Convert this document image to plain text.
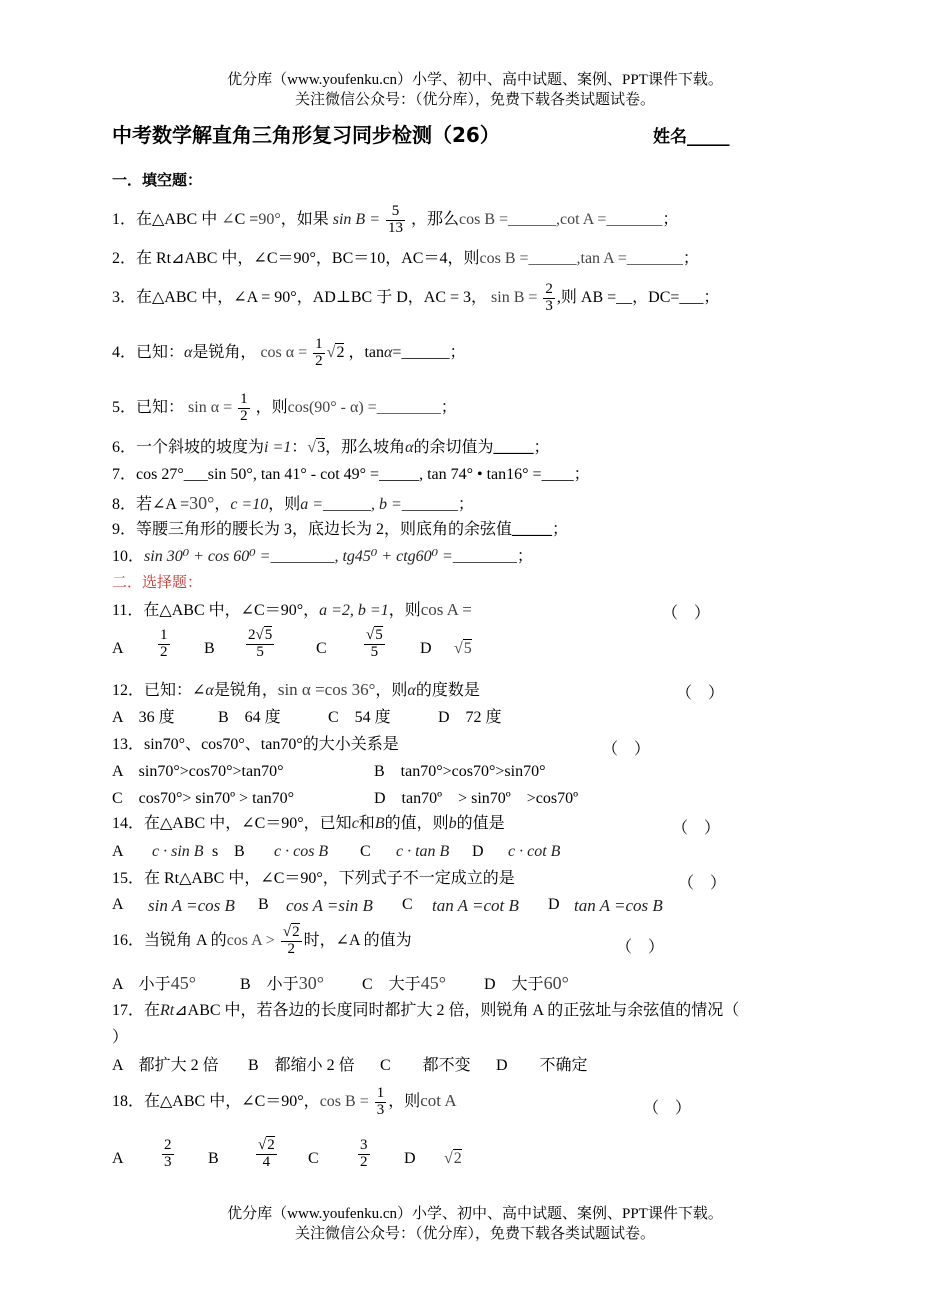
优分库（www.youfenku.cn）小学、初中、高中试题、案例、PPT课件下载。
关注微信公众号：（优分库），免费下载各类试题试卷。
中考数学解直角三角形复习同步检测（26）	姓名_____
一．填空题：
1．在△ABC 中 ∠C =90°，如果 $\sin B = \frac{5}{13}$ ，那么cos B =______,cot A =_______；
2．在 Rt⊿ABC 中，∠C＝90°，BC＝10，AC＝4，则cos B =______,tan A =_______；
3．在△ABC 中，∠A = 90°，AD⊥BC 于 D，AC = 3， $\sin B = \frac{2}{3}$ ,则 AB =__，DC=___；
4．已知：α是锐角， $\cos \alpha = \frac{1}{2} √2$ ，tanα=______；
5．已知： $\sin \alpha = \frac{1}{2}$ ，则cos(90° - α) =________；
6．一个斜坡的坡度为i =1：√3，那么坡角α的余切值为_____；
7．cos 27°___sin 50°, tan 41° - cot 49° =_____, tan 74° • tan16° =____；
8．若∠A =30°，c =10，则a =______, b =_______；
9．等腰三角形的腰长为 3，底边长为 2，则底角的余弦值_____；
10．sin 30⁰ + cos 60⁰ =________, tg45⁰ + ctg60⁰ =________；
二．选择题：
11．在△ABC 中，∠C＝90°，a =2, b =1，则cos A =	（　）
A $\frac{1}{2}$ B $\frac{2√5}{5}$	C $\frac{√5}{5}$ D √5
12．已知：∠α是锐角，sin α =cos 36°，则α的度数是	（　）
A　36 度	B　64 度	C　54 度	D　72 度
13．sin70°、cos70°、tan70°的大小关系是	（　）
A　sin70°>cos70°>tan70°	B　tan70°>cos70°>sin70°
C　cos70°> sin70º > tan70°	D　tan70º　> sin70º　>cos70º
14．在△ABC 中，∠C＝90°，已知c和B的值，则b的值是	（　）
A c · sin B s B c · cos B C c · tan B D c · cot B
15．在 Rt△ABC 中，∠C＝90°，下列式子不一定成立的是	（　）
A sin A =cos B B cos A =sin B C tan A =cot B D tan A =cos B
16．当锐角 A 的$\cos A > \frac{√2}{2}$ 时，∠A 的值为	（　）
A　小于45°	B　小于30° C　大于45° D　大于60°
17．在Rt⊿ABC 中，若各边的长度同时都扩大 2 倍，则锐角 A 的正弦址与余弦值的情况（
）
A　都扩大 2 倍 B　都缩小 2 倍 C　　都不变 D　　不确定
18．在△ABC 中，∠C＝90°，$\cos B = \frac{1}{3}$ ，则cot A	（　）
A	$\frac{2}{3}$ B $\frac{√2}{4}$ C	$\frac{3}{2}$ D √2
优分库（www.youfenku.cn）小学、初中、高中试题、案例、PPT课件下载。
关注微信公众号：（优分库），免费下载各类试题试卷。
